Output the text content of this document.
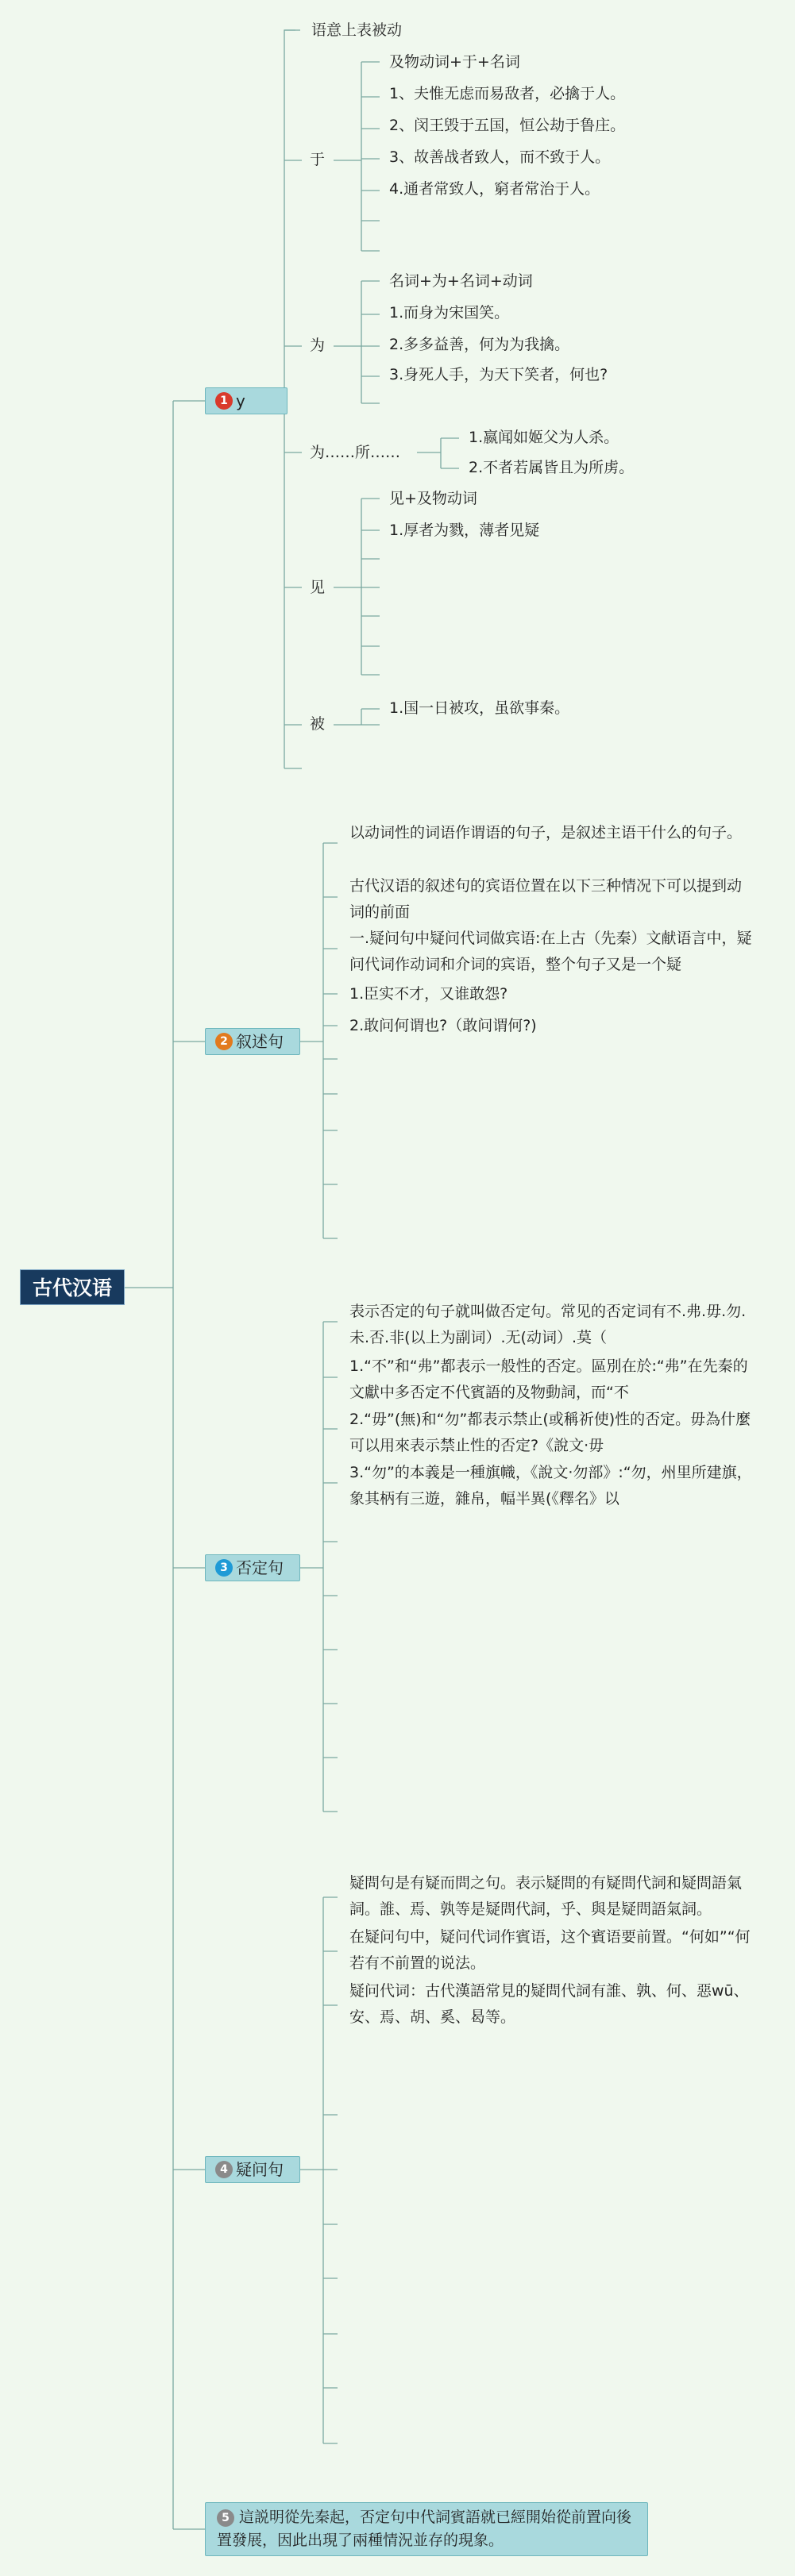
古代汉语
1 y
语意上表被动
于
及物动词+于+名词
1、夫惟无虑而易敌者，必擒于人。
2、闵王毁于五国，恒公劫于鲁庄。
3、故善战者致人，而不致于人。
4.通者常致人，窮者常治于人。
为
名词+为+名词+动词
1.而身为宋国笑。
2.多多益善，何为为我擒。
3.身死人手，为天下笑者，何也?
为……所……
1.嬴闻如姬父为人杀。
2.不者若属皆且为所虏。
见
见+及物动词
1.厚者为戮，薄者见疑
被
1.国一日被攻，虽欲事秦。
2 叙述句
以动词性的词语作谓语的句子，是叙述主语干什么的句子。
古代汉语的叙述句的宾语位置在以下三种情况下可以提到动词的前面
一.疑问句中疑问代词做宾语:在上古（先秦）文献语言中，疑问代词作动词和介词的宾语，整个句子又是一个疑
1.臣实不才，又谁敢怨?
2.敢问何谓也?（敢问谓何?)
3 否定句
表示否定的句子就叫做否定句。常见的否定词有不.弗.毋.勿.未.否.非(以上为副词）.无(动词）.莫（
1.“不”和“弗”都表示一般性的否定。區別在於:“弗”在先秦的文獻中多否定不代賓語的及物動詞，而“不
2.“毋”(無)和“勿”都表示禁止(或稱祈使)性的否定。毋為什麼可以用來表示禁止性的否定?《說文·毋
3.“勿”的本義是一種旗幟，《說文·勿部》:“勿，州里所建旗，象其柄有三遊，雜帛，幅半異(《釋名》以
4 疑问句
疑問句是有疑而問之句。表示疑問的有疑問代詞和疑問語氣詞。誰、焉、孰等是疑問代詞，乎、與是疑問語氣詞。
在疑问句中，疑问代词作賓语，这个賓语要前置。“何如”“何若有不前置的说法。
疑问代词：古代漢語常見的疑問代詞有誰、孰、何、惡wū、安、焉、胡、奚、曷等。
5 這説明從先秦起，否定句中代詞賓語就已經開始從前置向後置發展，因此出現了兩種情況並存的現象。
